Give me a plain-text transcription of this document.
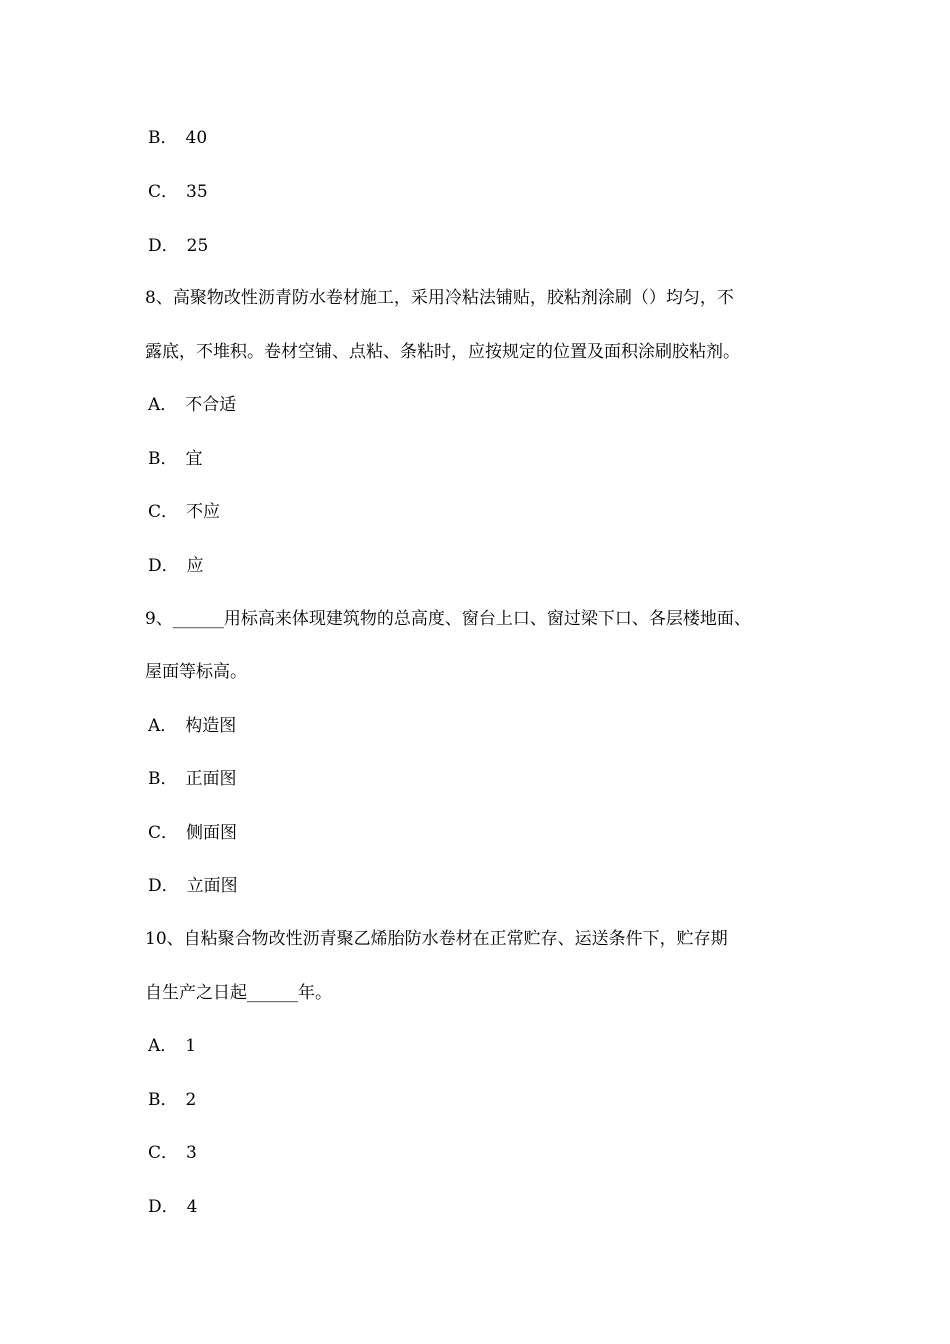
B． 40
C． 35
D． 25
8、高聚物改性沥青防水卷材施工，采用冷粘法铺贴，胶粘剂涂刷（）均匀，不
露底，不堆积。卷材空铺、点粘、条粘时，应按规定的位置及面积涂刷胶粘剂。
A． 不合适
B． 宜
C． 不应
D． 应
9、______用标高来体现建筑物的总高度、窗台上口、窗过梁下口、各层楼地面、
屋面等标高。
A． 构造图
B． 正面图
C． 侧面图
D． 立面图
10、自粘聚合物改性沥青聚乙烯胎防水卷材在正常贮存、运送条件下，贮存期
自生产之日起______年。
A． 1
B． 2
C． 3
D． 4
